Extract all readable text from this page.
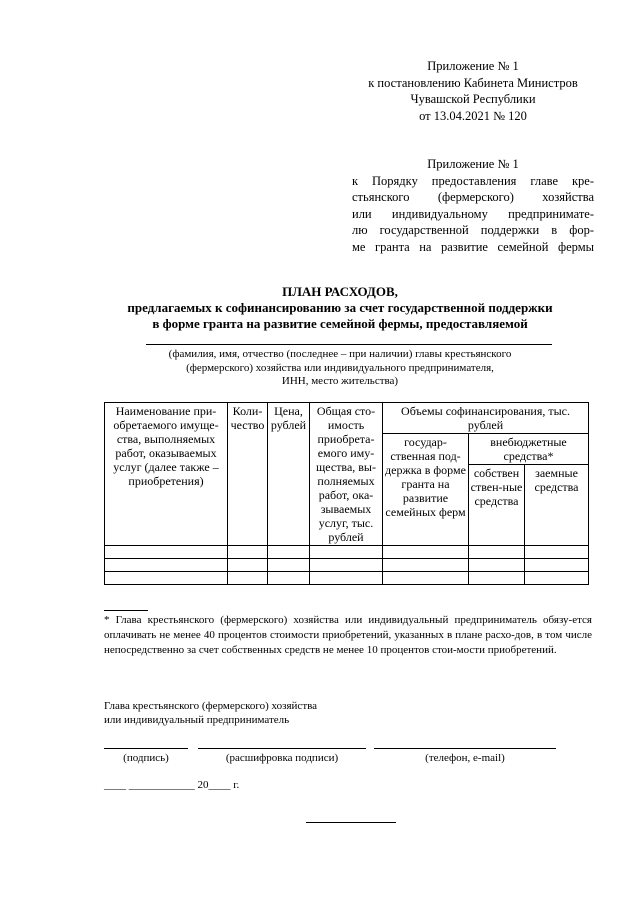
Приложение № 1
к постановлению Кабинета Министров
Чувашской Республики
от 13.04.2021 № 120
Приложение № 1
к Порядку предоставления главе кре-
стьянского (фермерского) хозяйства
или индивидуальному предпринимате-
лю государственной поддержки в фор-
ме гранта на развитие семейной фермы
ПЛАН РАСХОДОВ,
предлагаемых к софинансированию за счет государственной поддержки
в форме гранта на развитие семейной фермы, предоставляемой
(фамилия, имя, отчество (последнее – при наличии) главы крестьянского
(фермерского) хозяйства или индивидуального предпринимателя,
ИНН, место жительства)
Наименование при-обретаемого имуще-ства, выполняемых работ, оказываемых услуг (далее также – приобретения)	Коли-чество	Цена, рублей	Общая сто-имость приобрета-емого иму-щества, вы-полняемых работ, ока-зываемых услуг, тыс. рублей	Объемы софинансирования, тыс. рублей		
				государ-ственная под-держка в форме гранта на развитие семейных ферм	внебюджетные средства*	
					собствен ствен-ные средства	заемные средства

* Глава крестьянского (фермерского) хозяйства или индивидуальный предприниматель обязу-ется оплачивать не менее 40 процентов стоимости приобретений, указанных в плане расхо-дов, в том числе непосредственно за счет собственных средств не менее 10 процентов стои-мости приобретений.
Глава крестьянского (фермерского) хозяйства
или индивидуальный предприниматель
(подпись)	(расшифровка подписи)	(телефон, e-mail)
____ ____________ 20____ г.
